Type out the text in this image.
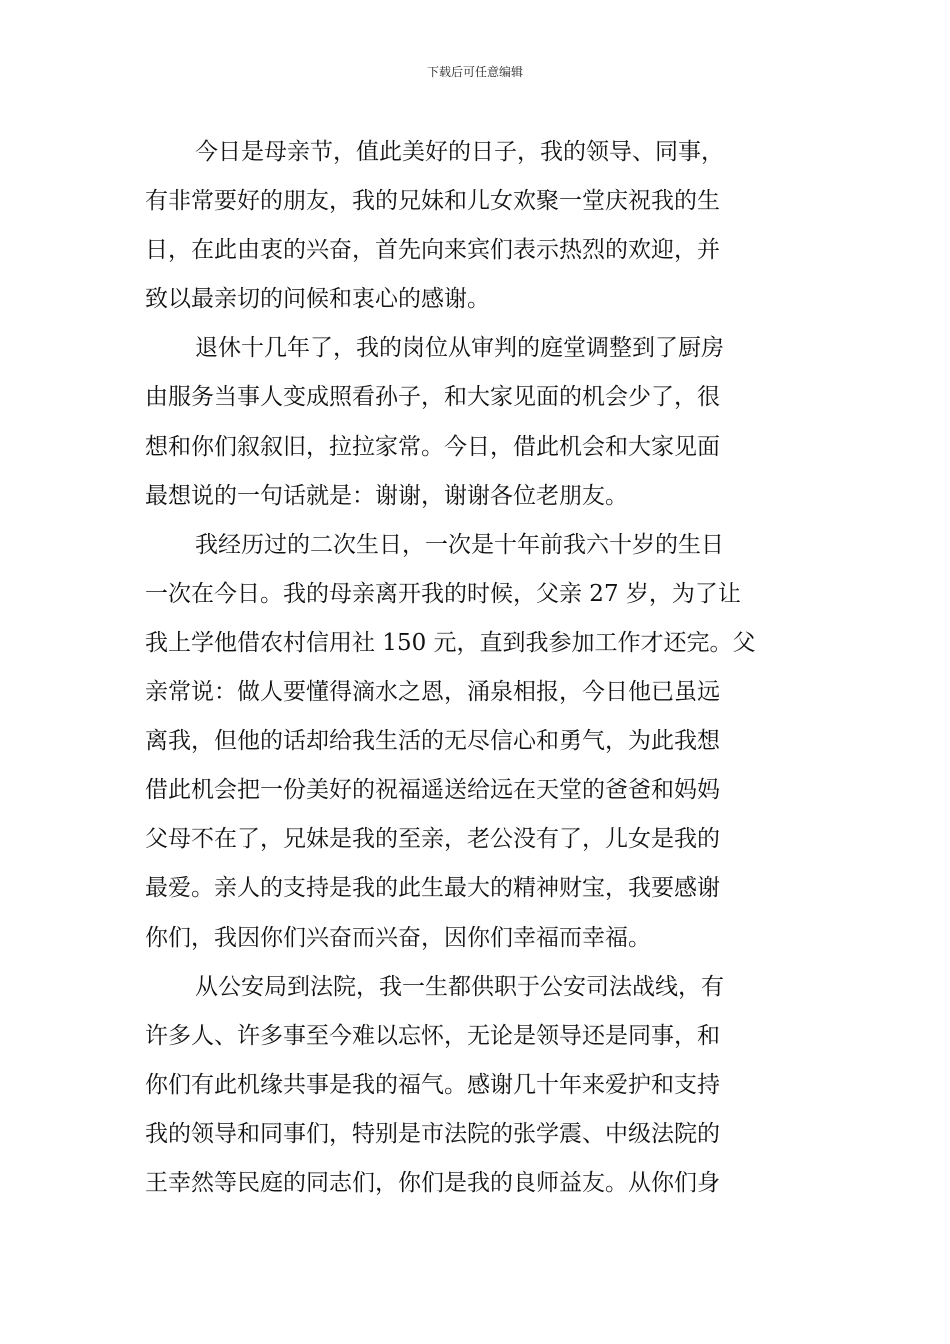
下载后可任意编辑
今日是母亲节，值此美好的日子，我的领导、同事，
有非常要好的朋友，我的兄妹和儿女欢聚一堂庆祝我的生
日，在此由衷的兴奋，首先向来宾们表示热烈的欢迎，并
致以最亲切的问候和衷心的感谢。
退休十几年了，我的岗位从审判的庭堂调整到了厨房
由服务当事人变成照看孙子，和大家见面的机会少了，很
想和你们叙叙旧，拉拉家常。今日，借此机会和大家见面
最想说的一句话就是：谢谢，谢谢各位老朋友。
我经历过的二次生日，一次是十年前我六十岁的生日
一次在今日。我的母亲离开我的时候，父亲 27 岁，为了让
我上学他借农村信用社 150 元，直到我参加工作才还完。父
亲常说：做人要懂得滴水之恩，涌泉相报，今日他已虽远
离我，但他的话却给我生活的无尽信心和勇气，为此我想
借此机会把一份美好的祝福遥送给远在天堂的爸爸和妈妈
父母不在了，兄妹是我的至亲，老公没有了，儿女是我的
最爱。亲人的支持是我的此生最大的精神财宝，我要感谢
你们，我因你们兴奋而兴奋，因你们幸福而幸福。
从公安局到法院，我一生都供职于公安司法战线，有
许多人、许多事至今难以忘怀，无论是领导还是同事，和
你们有此机缘共事是我的福气。感谢几十年来爱护和支持
我的领导和同事们，特别是市法院的张学震、中级法院的
王幸然等民庭的同志们，你们是我的良师益友。从你们身
